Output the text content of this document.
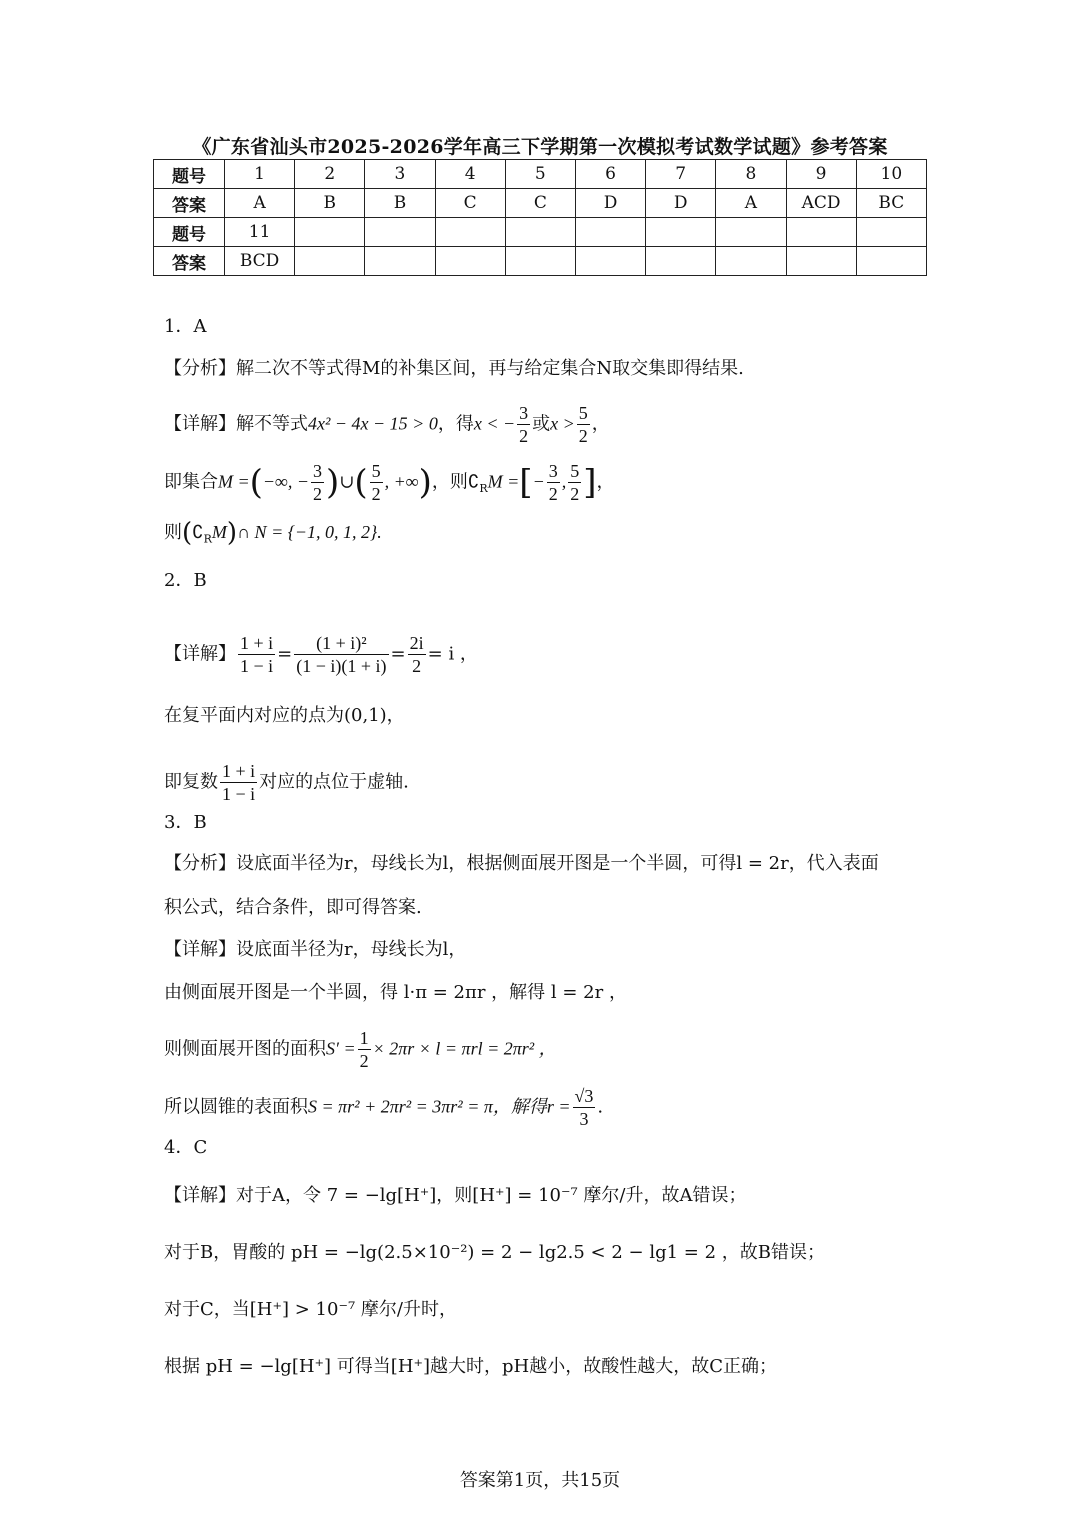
《广东省汕头市2025-2026学年高三下学期第一次模拟考试数学试题》参考答案
题号	1	2	3	4	5	6	7	8	9	10
答案	A	B	B	C	C	D	D	A	ACD	BC
题号	11									
答案	BCD									
1．A
【分析】解二次不等式得M的补集区间，再与给定集合N取交集即得结果.
【详解】解不等式4x² − 4x − 15 > 0，得x < − $\frac{3}{2}$ 或$x > \frac{5}{2}$ ，
即集合M =(−∞, − $\frac{3}{2}$ )∪( $\frac{5}{2}$ , +∞)，则$∁_RM$ =[− $\frac{3}{2}$ , $\frac{5}{2}$ ]，
则$(∁_RM)\cap$ N = {−1, 0, 1, 2}.
2．B
【详解】 $\frac{1 + i}{1 - i} = \frac{\text{(1 + i)²}}{(1 - i)(1 + i)} = \frac{2i}{2} = i$ ，
在复平面内对应的点为(0,1)，
即复数 $\frac{1 + i}{1 - i}$ 对应的点位于虚轴.
3．B
【分析】设底面半径为r，母线长为l，根据侧面展开图是一个半圆，可得l = 2r，代入表面
积公式，结合条件，即可得答案.
【详解】设底面半径为r，母线长为l，
由侧面展开图是一个半圆，得 l·π = 2πr ，解得 l = 2r ，
则侧面展开图的面积$S' = \frac{1}{2} \times 2\pi r \times l = \pi rl = 2\pi r^2$ ，
所以圆锥的表面积S = πr² + 2πr² = 3πr² = π，解得$r = \frac{√3}{3}$ .
4．C
【详解】对于A，令 7 = −lg[H⁺]，则[H⁺] = 10⁻⁷ 摩尔/升，故A错误；
对于B，胃酸的 pH = −lg(2.5×10⁻²) = 2 − lg2.5 < 2 − lg1 = 2 ，故B错误；
对于C，当[H⁺] > 10⁻⁷ 摩尔/升时，
根据 pH = −lg[H⁺] 可得当[H⁺]越大时，pH越小，故酸性越大，故C正确；
答案第1页，共15页
